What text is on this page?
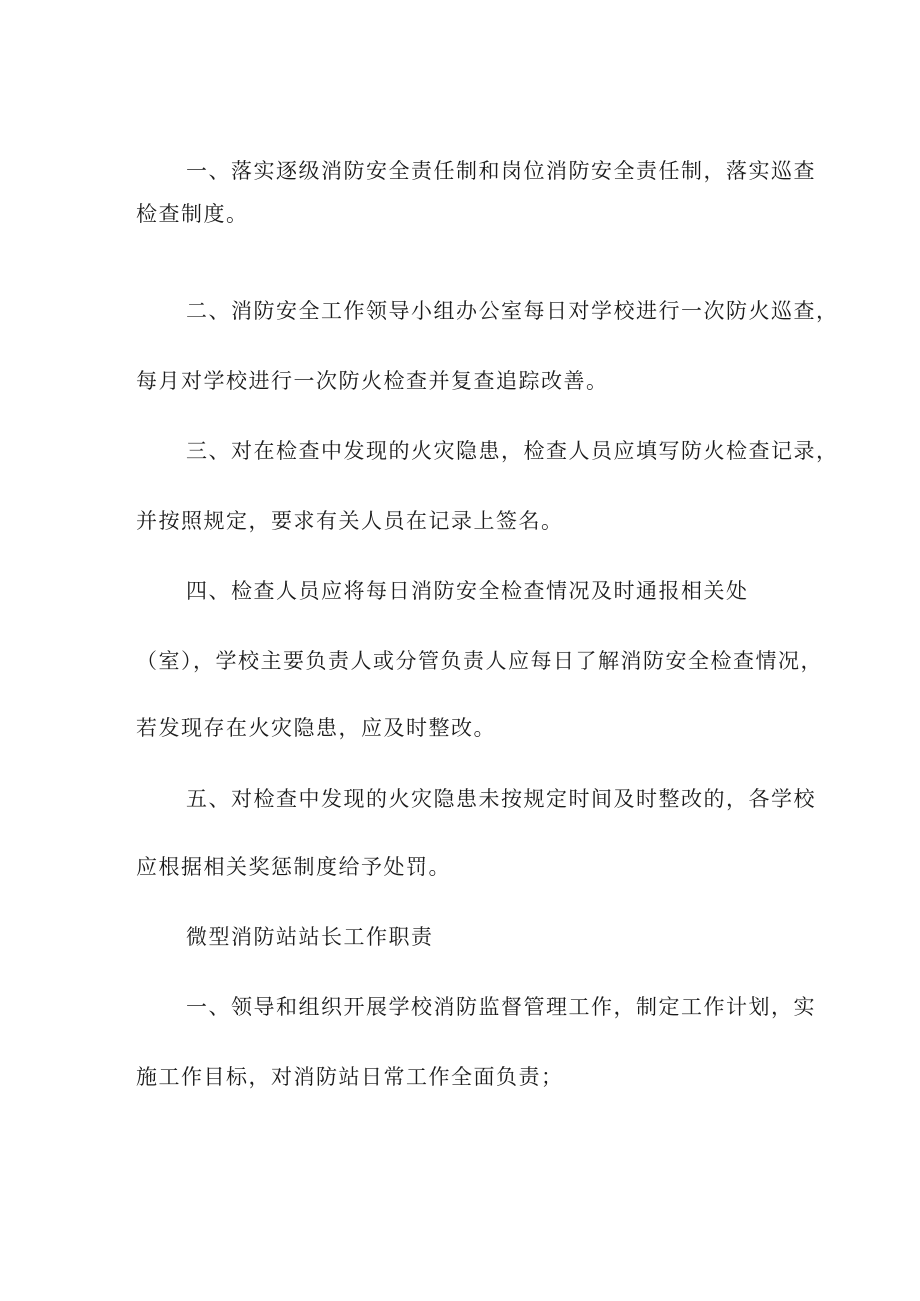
一、落实逐级消防安全责任制和岗位消防安全责任制，落实巡查
检查制度。
二、消防安全工作领导小组办公室每日对学校进行一次防火巡查，
每月对学校进行一次防火检查并复查追踪改善。
三、对在检查中发现的火灾隐患，检查人员应填写防火检查记录，
并按照规定，要求有关人员在记录上签名。
四、检查人员应将每日消防安全检查情况及时通报相关处
（室），学校主要负责人或分管负责人应每日了解消防安全检查情况，
若发现存在火灾隐患，应及时整改。
五、对检查中发现的火灾隐患未按规定时间及时整改的，各学校
应根据相关奖惩制度给予处罚。
微型消防站站长工作职责
一、领导和组织开展学校消防监督管理工作，制定工作计划，实
施工作目标，对消防站日常工作全面负责；
